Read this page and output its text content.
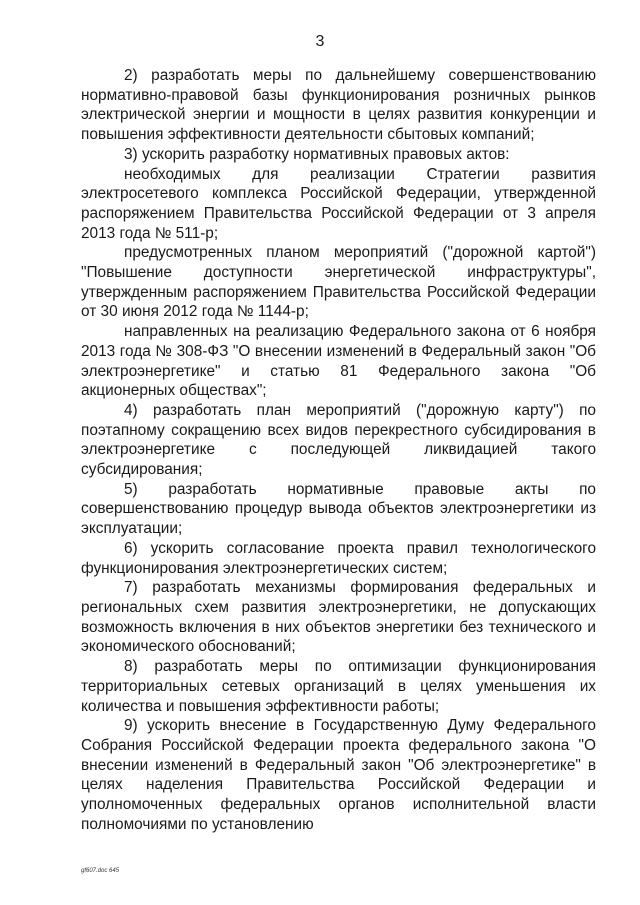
3

2) разработать меры по дальнейшему совершенствованию нормативно-правовой базы функционирования розничных рынков электрической энергии и мощности в целях развития конкуренции и повышения эффективности деятельности сбытовых компаний;

3) ускорить разработку нормативных правовых актов:

необходимых для реализации Стратегии развития электросетевого комплекса Российской Федерации, утвержденной распоряжением Правительства Российской Федерации от 3 апреля 2013 года № 511-р;

предусмотренных планом мероприятий ("дорожной картой") "Повышение доступности энергетической инфраструктуры", утвержденным распоряжением Правительства Российской Федерации от 30 июня 2012 года № 1144-р;

направленных на реализацию Федерального закона от 6 ноября 2013 года № 308-ФЗ "О внесении изменений в Федеральный закон "Об электроэнергетике" и статью 81 Федерального закона "Об акционерных обществах";

4) разработать план мероприятий ("дорожную карту") по поэтапному сокращению всех видов перекрестного субсидирования в электроэнергетике с последующей ликвидацией такого субсидирования;

5) разработать нормативные правовые акты по совершенствованию процедур вывода объектов электроэнергетики из эксплуатации;

6) ускорить согласование проекта правил технологического функционирования электроэнергетических систем;

7) разработать механизмы формирования федеральных и региональных схем развития электроэнергетики, не допускающих возможность включения в них объектов энергетики без технического и экономического обоснований;

8) разработать меры по оптимизации функционирования территориальных сетевых организаций в целях уменьшения их количества и повышения эффективности работы;

9) ускорить внесение в Государственную Думу Федерального Собрания Российской Федерации проекта федерального закона "О внесении изменений в Федеральный закон "Об электроэнергетике" в целях наделения Правительства Российской Федерации и уполномоченных федеральных органов исполнительной власти полномочиями по установлению

gf607.doc 645
